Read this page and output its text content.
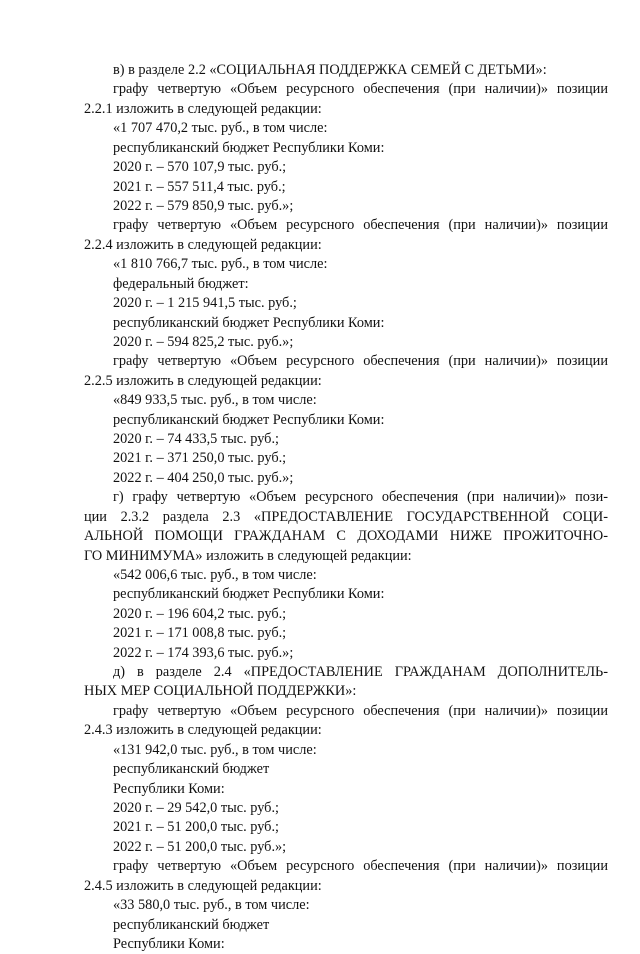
в) в разделе 2.2 «СОЦИАЛЬНАЯ ПОДДЕРЖКА СЕМЕЙ С ДЕТЬМИ»:

графу четвертую «Объем ресурсного обеспечения (при наличии)» позиции

2.2.1 изложить в следующей редакции:

«1 707 470,2 тыс. руб., в том числе:

республиканский бюджет Республики Коми:

2020 г. – 570 107,9 тыс. руб.;

2021 г. – 557 511,4 тыс. руб.;

2022 г. – 579 850,9 тыс. руб.»;

графу четвертую «Объем ресурсного обеспечения (при наличии)» позиции

2.2.4 изложить в следующей редакции:

«1 810 766,7 тыс. руб., в том числе:

федеральный бюджет:

2020 г. – 1 215 941,5 тыс. руб.;

республиканский бюджет Республики Коми:

2020 г. – 594 825,2 тыс. руб.»;

графу четвертую «Объем ресурсного обеспечения (при наличии)» позиции

2.2.5 изложить в следующей редакции:

«849 933,5 тыс. руб., в том числе:

республиканский бюджет Республики Коми:

2020 г. – 74 433,5 тыс. руб.;

2021 г. – 371 250,0 тыс. руб.;

2022 г. – 404 250,0 тыс. руб.»;

г) графу четвертую «Объем ресурсного обеспечения (при наличии)» пози-

ции 2.3.2 раздела 2.3 «ПРЕДОСТАВЛЕНИЕ ГОСУДАРСТВЕННОЙ СОЦИ-

АЛЬНОЙ ПОМОЩИ ГРАЖДАНАМ С ДОХОДАМИ НИЖЕ ПРОЖИТОЧНО-

ГО МИНИМУМА» изложить в следующей редакции:

«542 006,6 тыс. руб., в том числе:

республиканский бюджет Республики Коми:

2020 г. – 196 604,2 тыс. руб.;

2021 г. – 171 008,8 тыс. руб.;

2022 г. – 174 393,6 тыс. руб.»;

д) в разделе 2.4 «ПРЕДОСТАВЛЕНИЕ ГРАЖДАНАМ ДОПОЛНИТЕЛЬ-

НЫХ МЕР СОЦИАЛЬНОЙ ПОДДЕРЖКИ»:

графу четвертую «Объем ресурсного обеспечения (при наличии)» позиции

2.4.3 изложить в следующей редакции:

«131 942,0 тыс. руб., в том числе:

республиканский бюджет

Республики Коми:

2020 г. – 29 542,0 тыс. руб.;

2021 г. – 51 200,0 тыс. руб.;

2022 г. – 51 200,0 тыс. руб.»;

графу четвертую «Объем ресурсного обеспечения (при наличии)» позиции

2.4.5 изложить в следующей редакции:

«33 580,0 тыс. руб., в том числе:

республиканский бюджет

Республики Коми:
